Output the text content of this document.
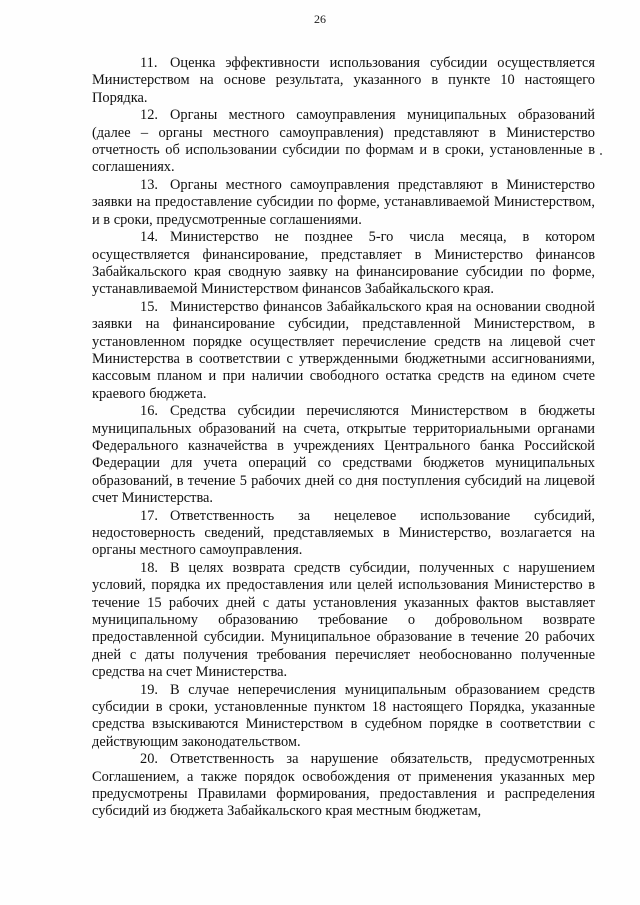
26

11. Оценка эффективности использования субсидии осуществляется Министерством на основе результата, указанного в пункте 10 настоящего Порядка.

12. Органы местного самоуправления муниципальных образований (далее – органы местного самоуправления) представляют в Министерство отчетность об использовании субсидии по формам и в сроки, установленные в соглашениях.

13. Органы местного самоуправления представляют в Министерство заявки на предоставление субсидии по форме, устанавливаемой Министерством, и в сроки, предусмотренные соглашениями.

14. Министерство не позднее 5-го числа месяца, в котором осуществляется финансирование, представляет в Министерство финансов Забайкальского края сводную заявку на финансирование субсидии по форме, устанавливаемой Министерством финансов Забайкальского края.

15. Министерство финансов Забайкальского края на основании сводной заявки на финансирование субсидии, представленной Министерством, в установленном порядке осуществляет перечисление средств на лицевой счет Министерства в соответствии с утвержденными бюджетными ассигнованиями, кассовым планом и при наличии свободного остатка средств на едином счете краевого бюджета.

16. Средства субсидии перечисляются Министерством в бюджеты муниципальных образований на счета, открытые территориальными органами Федерального казначейства в учреждениях Центрального банка Российской Федерации для учета операций со средствами бюджетов муниципальных образований, в течение 5 рабочих дней со дня поступления субсидий на лицевой счет Министерства.

17. Ответственность за нецелевое использование субсидий, недостоверность сведений, представляемых в Министерство, возлагается на органы местного самоуправления.

18. В целях возврата средств субсидии, полученных с нарушением условий, порядка их предоставления или целей использования Министерство в течение 15 рабочих дней с даты установления указанных фактов выставляет муниципальному образованию требование о добровольном возврате предоставленной субсидии. Муниципальное образование в течение 20 рабочих дней с даты получения требования перечисляет необоснованно полученные средства на счет Министерства.

19. В случае неперечисления муниципальным образованием средств субсидии в сроки, установленные пунктом 18 настоящего Порядка, указанные средства взыскиваются Министерством в судебном порядке в соответствии с действующим законодательством.

20. Ответственность за нарушение обязательств, предусмотренных Соглашением, а также порядок освобождения от применения указанных мер предусмотрены Правилами формирования, предоставления и распределения субсидий из бюджета Забайкальского края местным бюджетам,
